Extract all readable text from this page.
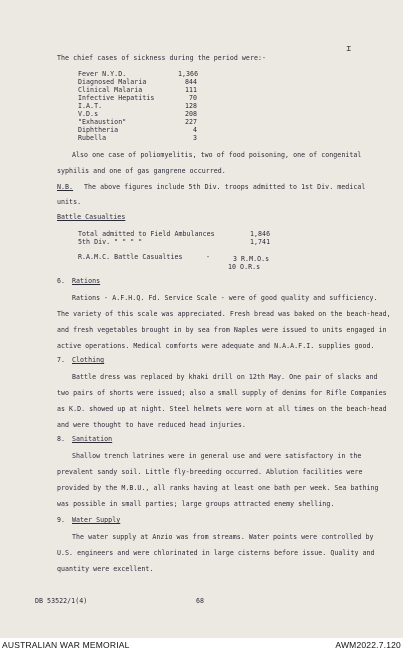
ɪ
The chief cases of sickness during the period were:-
Fever N.Y.D.	1,366
Diagnosed Malaria	844
Clinical Malaria	111
Infective Hepatitis	70
I.A.T.	128
V.D.s	208
"Exhaustion"	227
Diphtheria	4
Rubella	3
Also one case of poliomyelitis, two of food poisoning, one of congenital
syphilis and one of gas gangrene occurred.
N.B. The above figures include 5th Div. troops admitted to 1st Div. medical
units.
Battle Casualties
Total admitted to Field Ambulances	1,846
5th Div. " " " "	1,741
R.A.M.C. Battle Casualties	-	3 R.M.O.s
10 O.R.s
6. Rations
Rations - A.F.H.Q. Fd. Service Scale - were of good quality and sufficiency.
The variety of this scale was appreciated. Fresh bread was baked on the beach-head,
and fresh vegetables brought in by sea from Naples were issued to units engaged in
active operations. Medical comforts were adequate and N.A.A.F.I. supplies good.
7. Clothing
Battle dress was replaced by khaki drill on 12th May. One pair of slacks and
two pairs of shorts were issued; also a small supply of denims for Rifle Companies
as K.D. showed up at night. Steel helmets were worn at all times on the beach-head
and were thought to have reduced head injuries.
8. Sanitation
Shallow trench latrines were in general use and were satisfactory in the
prevalent sandy soil. Little fly-breeding occurred. Ablution facilities were
provided by the M.B.U., all ranks having at least one bath per week. Sea bathing
was possible in small parties; large groups attracted enemy shelling.
9. Water Supply
The water supply at Anzio was from streams. Water points were controlled by
U.S. engineers and were chlorinated in large cisterns before issue. Quality and
quantity were excellent.
DB 53522/1(4)	68
AUSTRALIAN WAR MEMORIAL	AWM2022.7.120
